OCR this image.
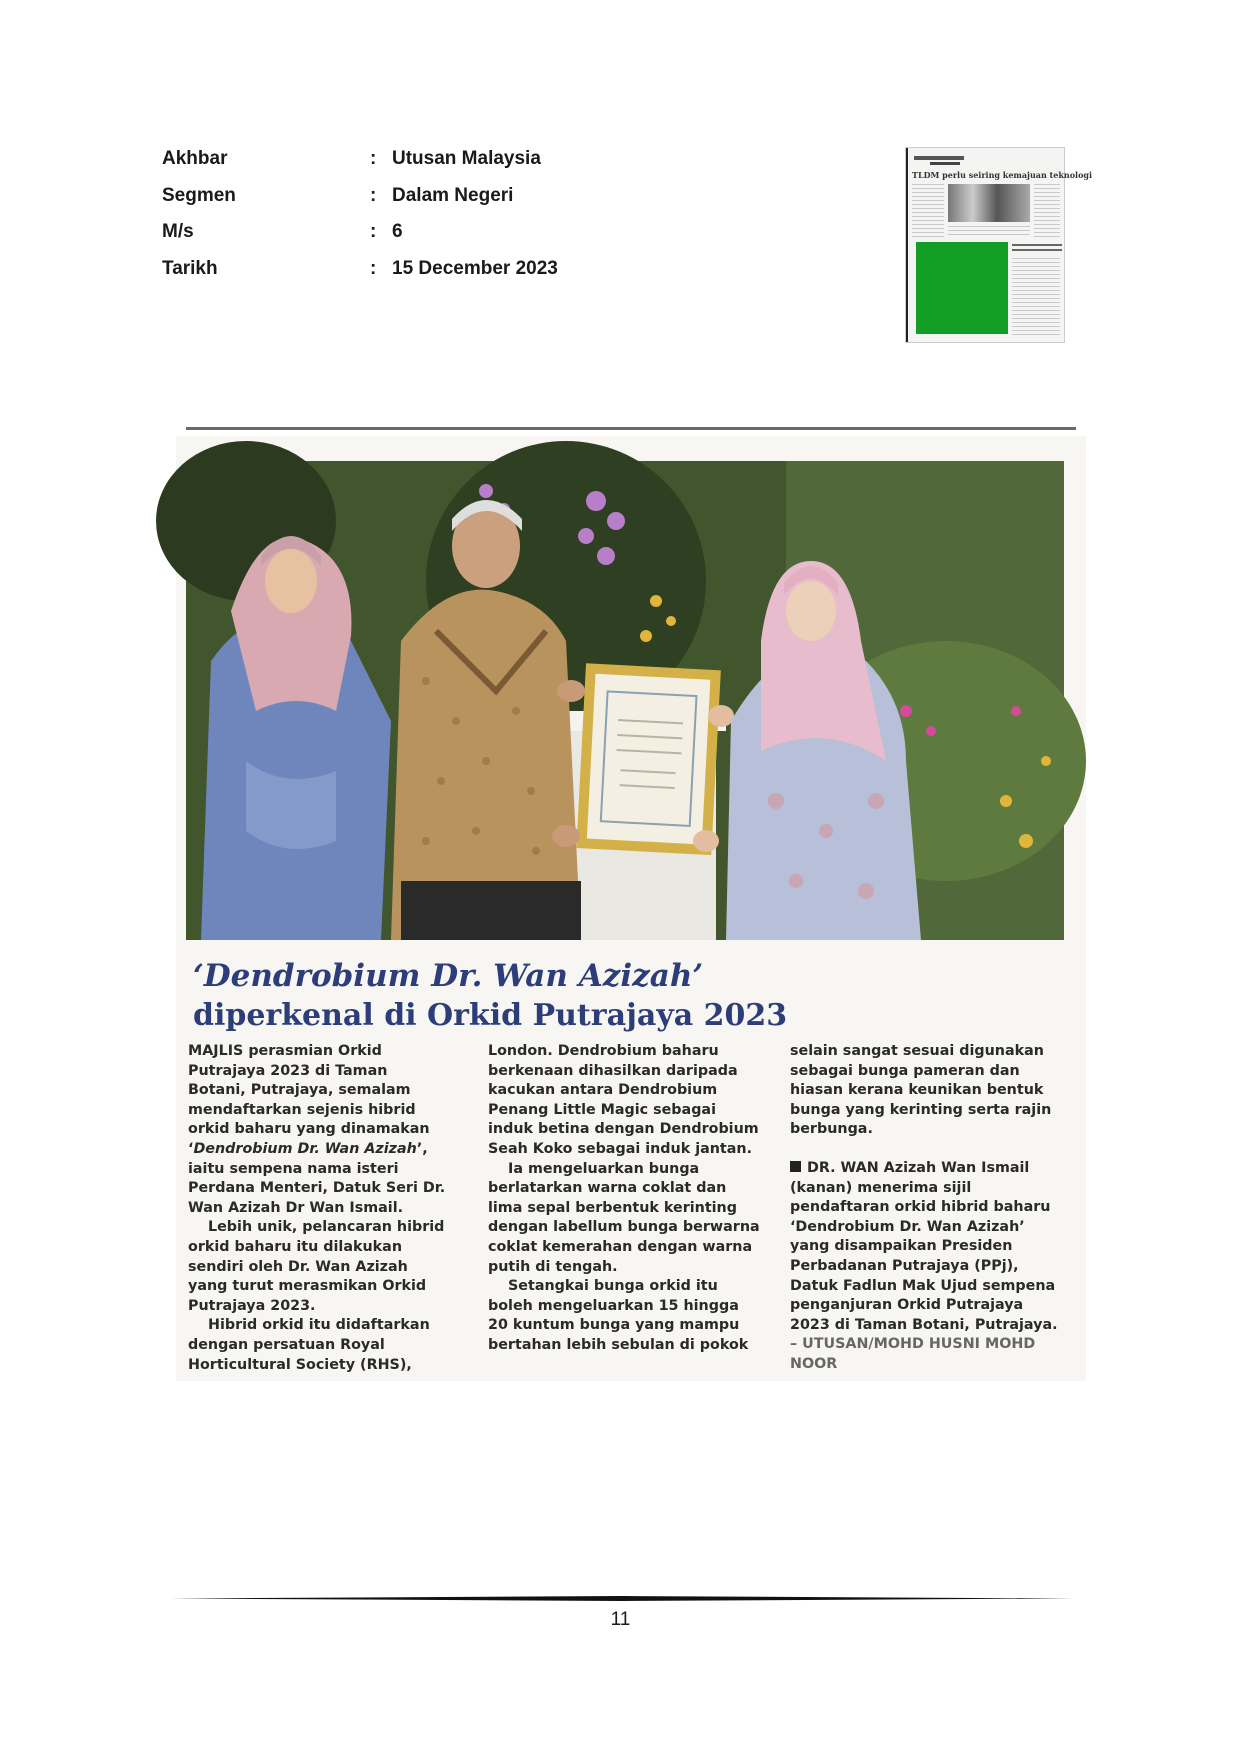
Akhbar	: Utusan Malaysia
Segmen	: Dalam Negeri
M/s	: 6
Tarikh	: 15 December 2023
TLDM perlu seiring kemajuan teknologi
‘Dendrobium Dr. Wan Azizah’
diperkenal di Orkid Putrajaya 2023

MAJLIS perasmian Orkid Putrajaya 2023 di Taman Botani, Putrajaya, semalam mendaftarkan sejenis hibrid orkid baharu yang dinamakan ‘Dendrobium Dr. Wan Azizah’, iaitu sempena nama isteri Perdana Menteri, Datuk Seri Dr. Wan Azizah Dr Wan Ismail.

Lebih unik, pelancaran hibrid orkid baharu itu dilakukan sendiri oleh Dr. Wan Azizah yang turut merasmikan Orkid Putrajaya 2023.

Hibrid orkid itu didaftarkan dengan persatuan Royal Horticultural Society (RHS),

London. Dendrobium baharu berkenaan dihasilkan daripada kacukan antara Dendrobium Penang Little Magic sebagai induk betina dengan Dendrobium Seah Koko sebagai induk jantan.

Ia mengeluarkan bunga berlatarkan warna coklat dan lima sepal berbentuk kerinting dengan labellum bunga berwarna coklat kemerahan dengan warna putih di tengah.

Setangkai bunga orkid itu boleh mengeluarkan 15 hingga 20 kuntum bunga yang mampu bertahan lebih sebulan di pokok

selain sangat sesuai digunakan sebagai bunga pameran dan hiasan kerana keunikan bentuk bunga yang kerinting serta rajin berbunga.

DR. WAN Azizah Wan Ismail (kanan) menerima sijil pendaftaran orkid hibrid baharu ‘Dendrobium Dr. Wan Azizah’ yang disampaikan Presiden Perbadanan Putrajaya (PPj), Datuk Fadlun Mak Ujud sempena penganjuran Orkid Putrajaya 2023 di Taman Botani, Putrajaya.

– UTUSAN/MOHD HUSNI MOHD NOOR

11
